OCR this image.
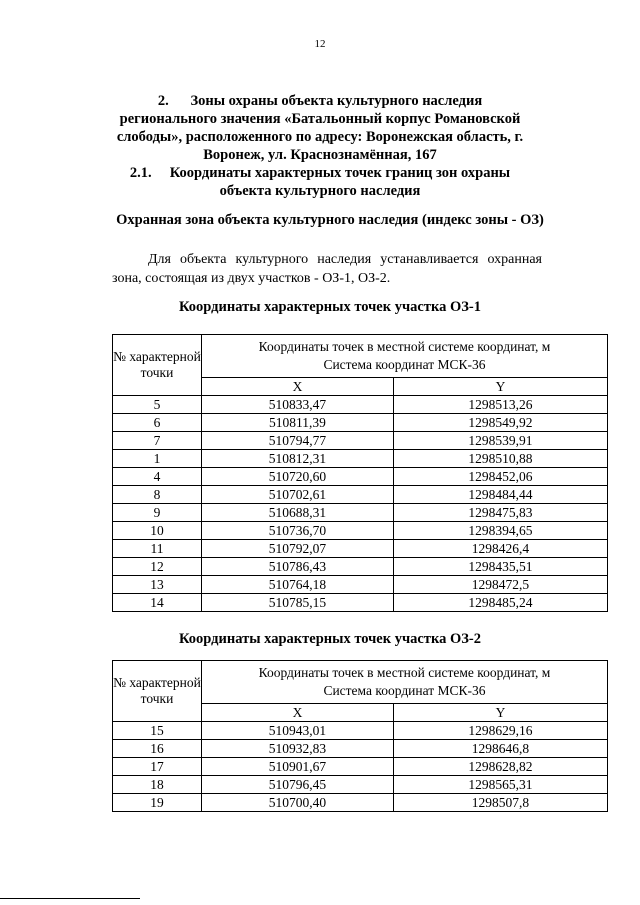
12

2. Зоны охраны объекта культурного наследия регионального значения «Батальонный корпус Романовской слободы», расположенного по адресу: Воронежская область, г. Воронеж, ул. Краснознамённая, 167

2.1. Координаты характерных точек границ зон охраны объекта культурного наследия

Охранная зона объекта культурного наследия (индекс зоны - ОЗ)

Для объекта культурного наследия устанавливается охранная зона, состоящая из двух участков - ОЗ-1, ОЗ-2.

Координаты характерных точек участка ОЗ-1

№ характерной точки	Координаты точек в местной системе координат, м
Система координат МСК-36	
	X	Y
5	510833,47	1298513,26
6	510811,39	1298549,92
7	510794,77	1298539,91
1	510812,31	1298510,88
4	510720,60	1298452,06
8	510702,61	1298484,44
9	510688,31	1298475,83
10	510736,70	1298394,65
11	510792,07	1298426,4
12	510786,43	1298435,51
13	510764,18	1298472,5
14	510785,15	1298485,24

Координаты характерных точек участка ОЗ-2

№ характерной точки	Координаты точек в местной системе координат, м
Система координат МСК-36	
	X	Y
15	510943,01	1298629,16
16	510932,83	1298646,8
17	510901,67	1298628,82
18	510796,45	1298565,31
19	510700,40	1298507,8
